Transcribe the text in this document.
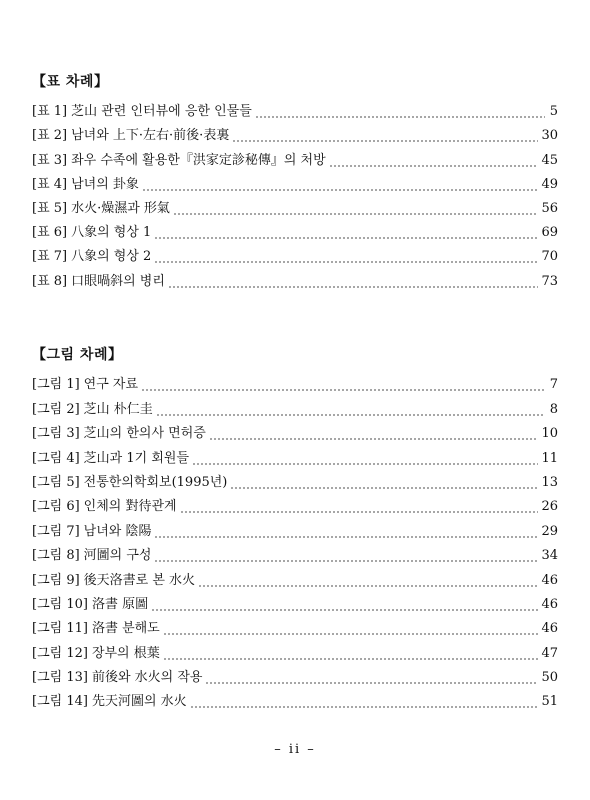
【표 차례】
[표 1] 芝山 관련 인터뷰에 응한 인물들	5
[표 2] 남녀와 上下·左右·前後·表裏	30
[표 3] 좌우 수족에 활용한『洪家定診秘傳』의 처방	45
[표 4] 남녀의 卦象	49
[표 5] 水火·燥濕과 形氣	56
[표 6] 八象의 형상 1	69
[표 7] 八象의 형상 2	70
[표 8] 口眼喎斜의 병리	73
【그림 차례】
[그림 1] 연구 자료	7
[그림 2] 芝山 朴仁圭	8
[그림 3] 芝山의 한의사 면허증	10
[그림 4] 芝山과 1기 회원들	11
[그림 5] 전통한의학회보(1995년)	13
[그림 6] 인체의 對待관계	26
[그림 7] 남녀와 陰陽	29
[그림 8] 河圖의 구성	34
[그림 9] 後天洛書로 본 水火	46
[그림 10] 洛書 原圖	46
[그림 11] 洛書 분해도	46
[그림 12] 장부의 根葉	47
[그림 13] 前後와 水火의 작용	50
[그림 14] 先天河圖의 水火	51
– ii –
